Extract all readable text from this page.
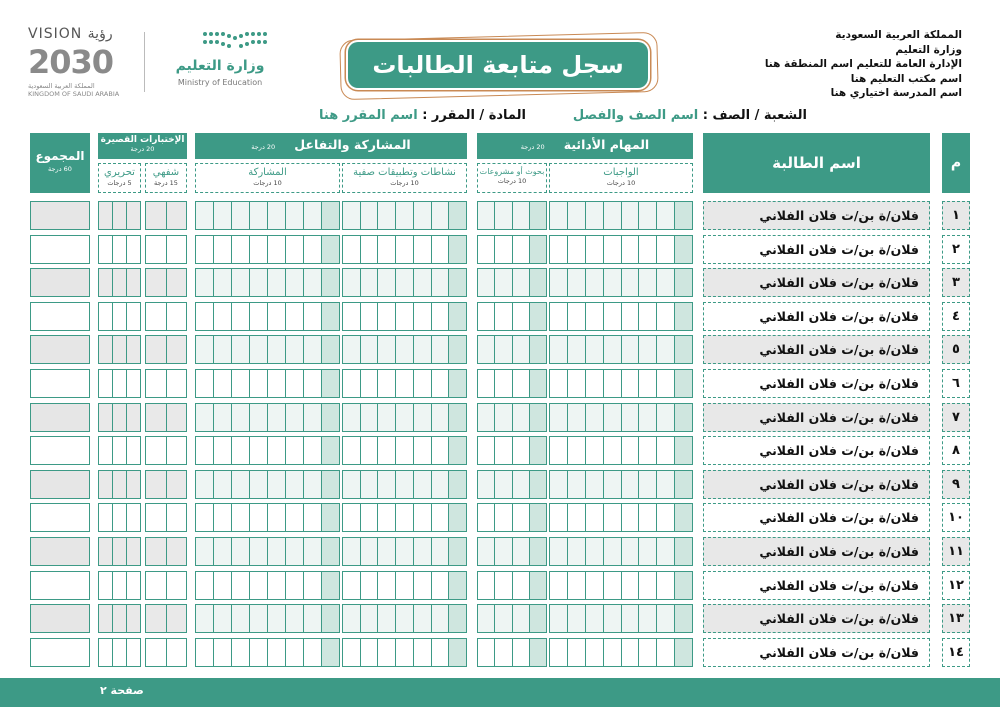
VISION رؤية
2030
المملكة العربية السعودية KINGDOM OF SAUDI ARABIA
وزارة التعليم
Ministry of Education
سجل متابعة الطالبات
المملكة العربية السعودية
وزارة التعليم
الإدارة العامة للتعليم اسم المنطقة هنا
اسم مكتب التعليم هنا
اسم المدرسة اختياري هنا
الشعبة / الصف : اسم الصف والفصل
المادة / المقرر : اسم المقرر هنا
م
اسم الطالبة
المهام الأدائية 20 درجة
الواجبات
10 درجات
بحوث أو مشروعات
10 درجات
المشاركة والتفاعل 20 درجة
نشاطات وتطبيقات صفية
10 درجات
المشاركة
10 درجات
الإختبارات القصيرة
20 درجة
شفهي
15 درجة
تحريري
5 درجات
المجموع
60 درجة
١
فلان/ة بن/ت فلان الفلاني
٢
فلان/ة بن/ت فلان الفلاني
٣
فلان/ة بن/ت فلان الفلاني
٤
فلان/ة بن/ت فلان الفلاني
٥
فلان/ة بن/ت فلان الفلاني
٦
فلان/ة بن/ت فلان الفلاني
٧
فلان/ة بن/ت فلان الفلاني
٨
فلان/ة بن/ت فلان الفلاني
٩
فلان/ة بن/ت فلان الفلاني
١٠
فلان/ة بن/ت فلان الفلاني
١١
فلان/ة بن/ت فلان الفلاني
١٢
فلان/ة بن/ت فلان الفلاني
١٣
فلان/ة بن/ت فلان الفلاني
١٤
فلان/ة بن/ت فلان الفلاني
صفحة ٢
